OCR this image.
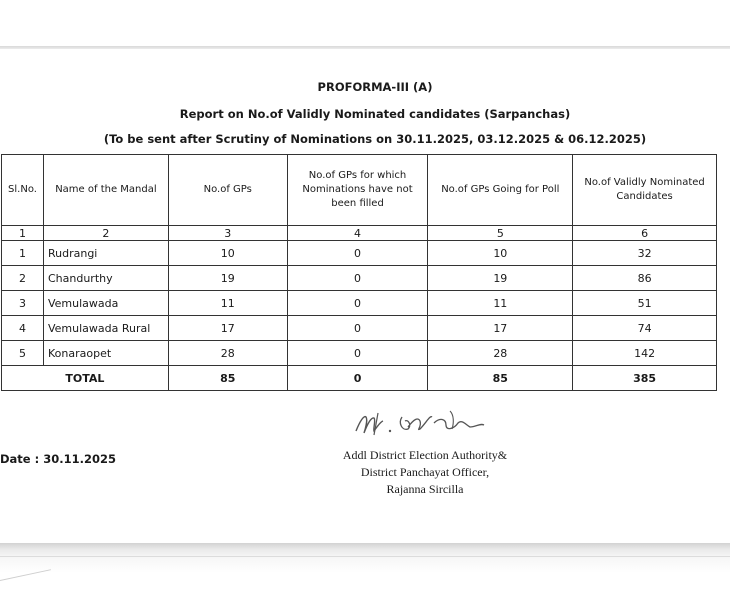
PROFORMA-III (A)
Report on No.of Validly Nominated candidates (Sarpanchas)
(To be sent after Scrutiny of Nominations on 30.11.2025, 03.12.2025 & 06.12.2025)
Sl.No.	Name of the Mandal	No.of GPs	No.of GPs for which Nominations have not been filled	No.of GPs Going for Poll	No.of Validly Nominated Candidates
1	2	3	4	5	6
1	Rudrangi	10	0	10	32
2	Chandurthy	19	0	19	86
3	Vemulawada	11	0	11	51
4	Vemulawada Rural	17	0	17	74
5	Konaraopet	28	0	28	142
TOTAL		85	0	85	385
Date : 30.11.2025	Addl District Election Authority&
District Panchayat Officer,
Rajanna Sircilla
